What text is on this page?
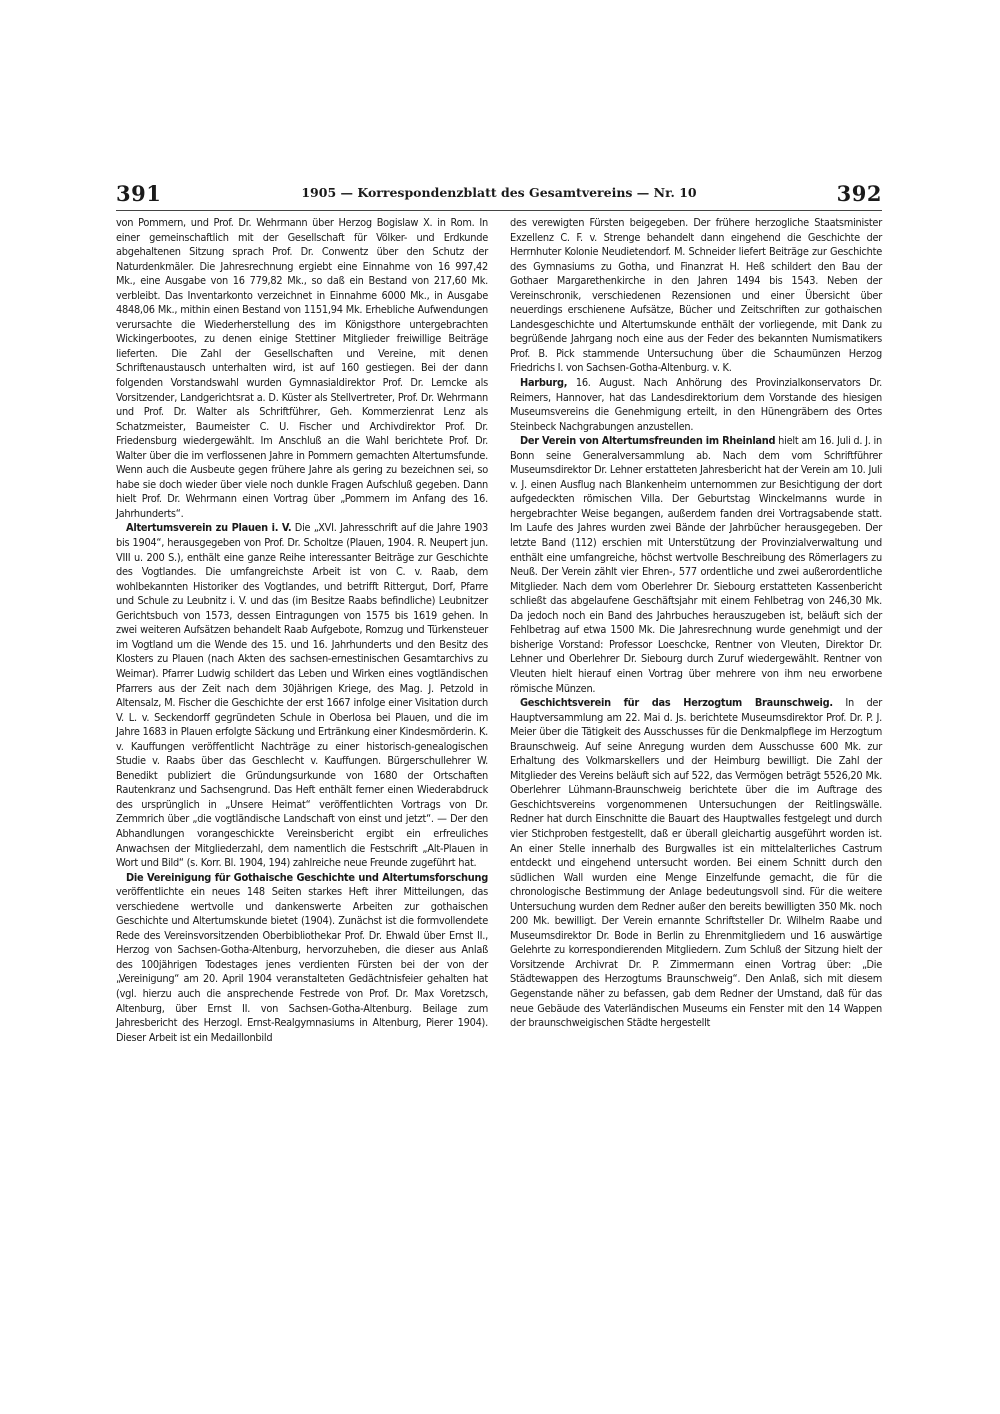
391	1905 — Korrespondenzblatt des Gesamtvereins — Nr. 10	392

von Pommern, und Prof. Dr. Wehrmann über Herzog Bogislaw X. in Rom. In einer gemeinschaftlich mit der Gesellschaft für Völker- und Erdkunde abgehaltenen Sitzung sprach Prof. Dr. Conwentz über den Schutz der Naturdenkmäler. Die Jahresrechnung ergiebt eine Einnahme von 16 997,42 Mk., eine Ausgabe von 16 779,82 Mk., so daß ein Bestand von 217,60 Mk. verbleibt. Das Inventarkonto verzeichnet in Einnahme 6000 Mk., in Ausgabe 4848,06 Mk., mithin einen Bestand von 1151,94 Mk. Erhebliche Aufwendungen verursachte die Wiederherstellung des im Königsthore untergebrachten Wickingerbootes, zu denen einige Stettiner Mitglieder freiwillige Beiträge lieferten. Die Zahl der Gesellschaften und Vereine, mit denen Schriftenaustausch unterhalten wird, ist auf 160 gestiegen. Bei der dann folgenden Vorstandswahl wurden Gymnasialdirektor Prof. Dr. Lemcke als Vorsitzender, Landgerichtsrat a. D. Küster als Stellvertreter, Prof. Dr. Wehrmann und Prof. Dr. Walter als Schriftführer, Geh. Kommerzienrat Lenz als Schatzmeister, Baumeister C. U. Fischer und Archivdirektor Prof. Dr. Friedensburg wiedergewählt. Im Anschluß an die Wahl berichtete Prof. Dr. Walter über die im verflossenen Jahre in Pommern gemachten Altertumsfunde. Wenn auch die Ausbeute gegen frühere Jahre als gering zu bezeichnen sei, so habe sie doch wieder über viele noch dunkle Fragen Aufschluß gegeben. Dann hielt Prof. Dr. Wehrmann einen Vortrag über „Pommern im Anfang des 16. Jahrhunderts“.

Altertumsverein zu Plauen i. V. Die „XVI. Jahresschrift auf die Jahre 1903 bis 1904“, herausgegeben von Prof. Dr. Scholtze (Plauen, 1904. R. Neupert jun. VIII u. 200 S.), enthält eine ganze Reihe interessanter Beiträge zur Geschichte des Vogtlandes. Die umfangreichste Arbeit ist von C. v. Raab, dem wohlbekannten Historiker des Vogtlandes, und betrifft Rittergut, Dorf, Pfarre und Schule zu Leubnitz i. V. und das (im Besitze Raabs befindliche) Leubnitzer Gerichtsbuch von 1573, dessen Eintragungen von 1575 bis 1619 gehen. In zwei weiteren Aufsätzen behandelt Raab Aufgebote, Romzug und Türkensteuer im Vogtland um die Wende des 15. und 16. Jahrhunderts und den Besitz des Klosters zu Plauen (nach Akten des sachsen-ernestinischen Gesamtarchivs zu Weimar). Pfarrer Ludwig schildert das Leben und Wirken eines vogtländischen Pfarrers aus der Zeit nach dem 30jährigen Kriege, des Mag. J. Petzold in Altensalz, M. Fischer die Geschichte der erst 1667 infolge einer Visitation durch V. L. v. Seckendorff gegründeten Schule in Oberlosa bei Plauen, und die im Jahre 1683 in Plauen erfolgte Säckung und Ertränkung einer Kindesmörderin. K. v. Kauffungen veröffentlicht Nachträge zu einer historisch-genealogischen Studie v. Raabs über das Geschlecht v. Kauffungen. Bürgerschullehrer W. Benedikt publiziert die Gründungsurkunde von 1680 der Ortschaften Rautenkranz und Sachsengrund. Das Heft enthält ferner einen Wiederabdruck des ursprünglich in „Unsere Heimat“ veröffentlichten Vortrags von Dr. Zemmrich über „die vogtländische Landschaft von einst und jetzt“. — Der den Abhandlungen vorangeschickte Vereinsbericht ergibt ein erfreuliches Anwachsen der Mitgliederzahl, dem namentlich die Festschrift „Alt-Plauen in Wort und Bild“ (s. Korr. Bl. 1904, 194) zahlreiche neue Freunde zugeführt hat.

Die Vereinigung für Gothaische Geschichte und Altertumsforschung veröffentlichte ein neues 148 Seiten starkes Heft ihrer Mitteilungen, das verschiedene wertvolle und dankenswerte Arbeiten zur gothaischen Geschichte und Altertumskunde bietet (1904). Zunächst ist die formvollendete Rede des Vereinsvorsitzenden Oberbibliothekar Prof. Dr. Ehwald über Ernst II., Herzog von Sachsen-Gotha-Altenburg, hervorzuheben, die dieser aus Anlaß des 100jährigen Todestages jenes verdienten Fürsten bei der von der „Vereinigung“ am 20. April 1904 veranstalteten Gedächtnisfeier gehalten hat (vgl. hierzu auch die ansprechende Festrede von Prof. Dr. Max Voretzsch, Altenburg, über Ernst II. von Sachsen-Gotha-Altenburg. Beilage zum Jahresbericht des Herzogl. Ernst-Realgymnasiums in Altenburg, Pierer 1904). Dieser Arbeit ist ein Medaillonbild

des verewigten Fürsten beigegeben. Der frühere herzogliche Staatsminister Exzellenz C. F. v. Strenge behandelt dann eingehend die Geschichte der Herrnhuter Kolonie Neudietendorf. M. Schneider liefert Beiträge zur Geschichte des Gymnasiums zu Gotha, und Finanzrat H. Heß schildert den Bau der Gothaer Margarethenkirche in den Jahren 1494 bis 1543. Neben der Vereinschronik, verschiedenen Rezensionen und einer Übersicht über neuerdings erschienene Aufsätze, Bücher und Zeitschriften zur gothaischen Landesgeschichte und Altertumskunde enthält der vorliegende, mit Dank zu begrüßende Jahrgang noch eine aus der Feder des bekannten Numismatikers Prof. B. Pick stammende Untersuchung über die Schaumünzen Herzog Friedrichs I. von Sachsen-Gotha-Altenburg. v. K.

Harburg, 16. August. Nach Anhörung des Provinzialkonservators Dr. Reimers, Hannover, hat das Landesdirektorium dem Vorstande des hiesigen Museumsvereins die Genehmigung erteilt, in den Hünengräbern des Ortes Steinbeck Nachgrabungen anzustellen.

Der Verein von Altertumsfreunden im Rheinland hielt am 16. Juli d. J. in Bonn seine Generalversammlung ab. Nach dem vom Schriftführer Museumsdirektor Dr. Lehner erstatteten Jahresbericht hat der Verein am 10. Juli v. J. einen Ausflug nach Blankenheim unternommen zur Besichtigung der dort aufgedeckten römischen Villa. Der Geburtstag Winckelmanns wurde in hergebrachter Weise begangen, außerdem fanden drei Vortragsabende statt. Im Laufe des Jahres wurden zwei Bände der Jahrbücher herausgegeben. Der letzte Band (112) erschien mit Unterstützung der Provinzialverwaltung und enthält eine umfangreiche, höchst wertvolle Beschreibung des Römerlagers zu Neuß. Der Verein zählt vier Ehren-, 577 ordentliche und zwei außerordentliche Mitglieder. Nach dem vom Oberlehrer Dr. Siebourg erstatteten Kassenbericht schließt das abgelaufene Geschäftsjahr mit einem Fehlbetrag von 246,30 Mk. Da jedoch noch ein Band des Jahrbuches herauszugeben ist, beläuft sich der Fehlbetrag auf etwa 1500 Mk. Die Jahresrechnung wurde genehmigt und der bisherige Vorstand: Professor Loeschcke, Rentner von Vleuten, Direktor Dr. Lehner und Oberlehrer Dr. Siebourg durch Zuruf wiedergewählt. Rentner von Vleuten hielt hierauf einen Vortrag über mehrere von ihm neu erworbene römische Münzen.

Geschichtsverein für das Herzogtum Braunschweig. In der Hauptversammlung am 22. Mai d. Js. berichtete Museumsdirektor Prof. Dr. P. J. Meier über die Tätigkeit des Ausschusses für die Denkmalpflege im Herzogtum Braunschweig. Auf seine Anregung wurden dem Ausschusse 600 Mk. zur Erhaltung des Volkmarskellers und der Heimburg bewilligt. Die Zahl der Mitglieder des Vereins beläuft sich auf 522, das Vermögen beträgt 5526,20 Mk. Oberlehrer Lühmann-Braunschweig berichtete über die im Auftrage des Geschichtsvereins vorgenommenen Untersuchungen der Reitlingswälle. Redner hat durch Einschnitte die Bauart des Hauptwalles festgelegt und durch vier Stichproben festgestellt, daß er überall gleichartig ausgeführt worden ist. An einer Stelle innerhalb des Burgwalles ist ein mittelalterliches Castrum entdeckt und eingehend untersucht worden. Bei einem Schnitt durch den südlichen Wall wurden eine Menge Einzelfunde gemacht, die für die chronologische Bestimmung der Anlage bedeutungsvoll sind. Für die weitere Untersuchung wurden dem Redner außer den bereits bewilligten 350 Mk. noch 200 Mk. bewilligt. Der Verein ernannte Schriftsteller Dr. Wilhelm Raabe und Museumsdirektor Dr. Bode in Berlin zu Ehrenmitgliedern und 16 auswärtige Gelehrte zu korrespondierenden Mitgliedern. Zum Schluß der Sitzung hielt der Vorsitzende Archivrat Dr. P. Zimmermann einen Vortrag über: „Die Städtewappen des Herzogtums Braunschweig“. Den Anlaß, sich mit diesem Gegenstande näher zu befassen, gab dem Redner der Umstand, daß für das neue Gebäude des Vaterländischen Museums ein Fenster mit den 14 Wappen der braunschweigischen Städte hergestellt
